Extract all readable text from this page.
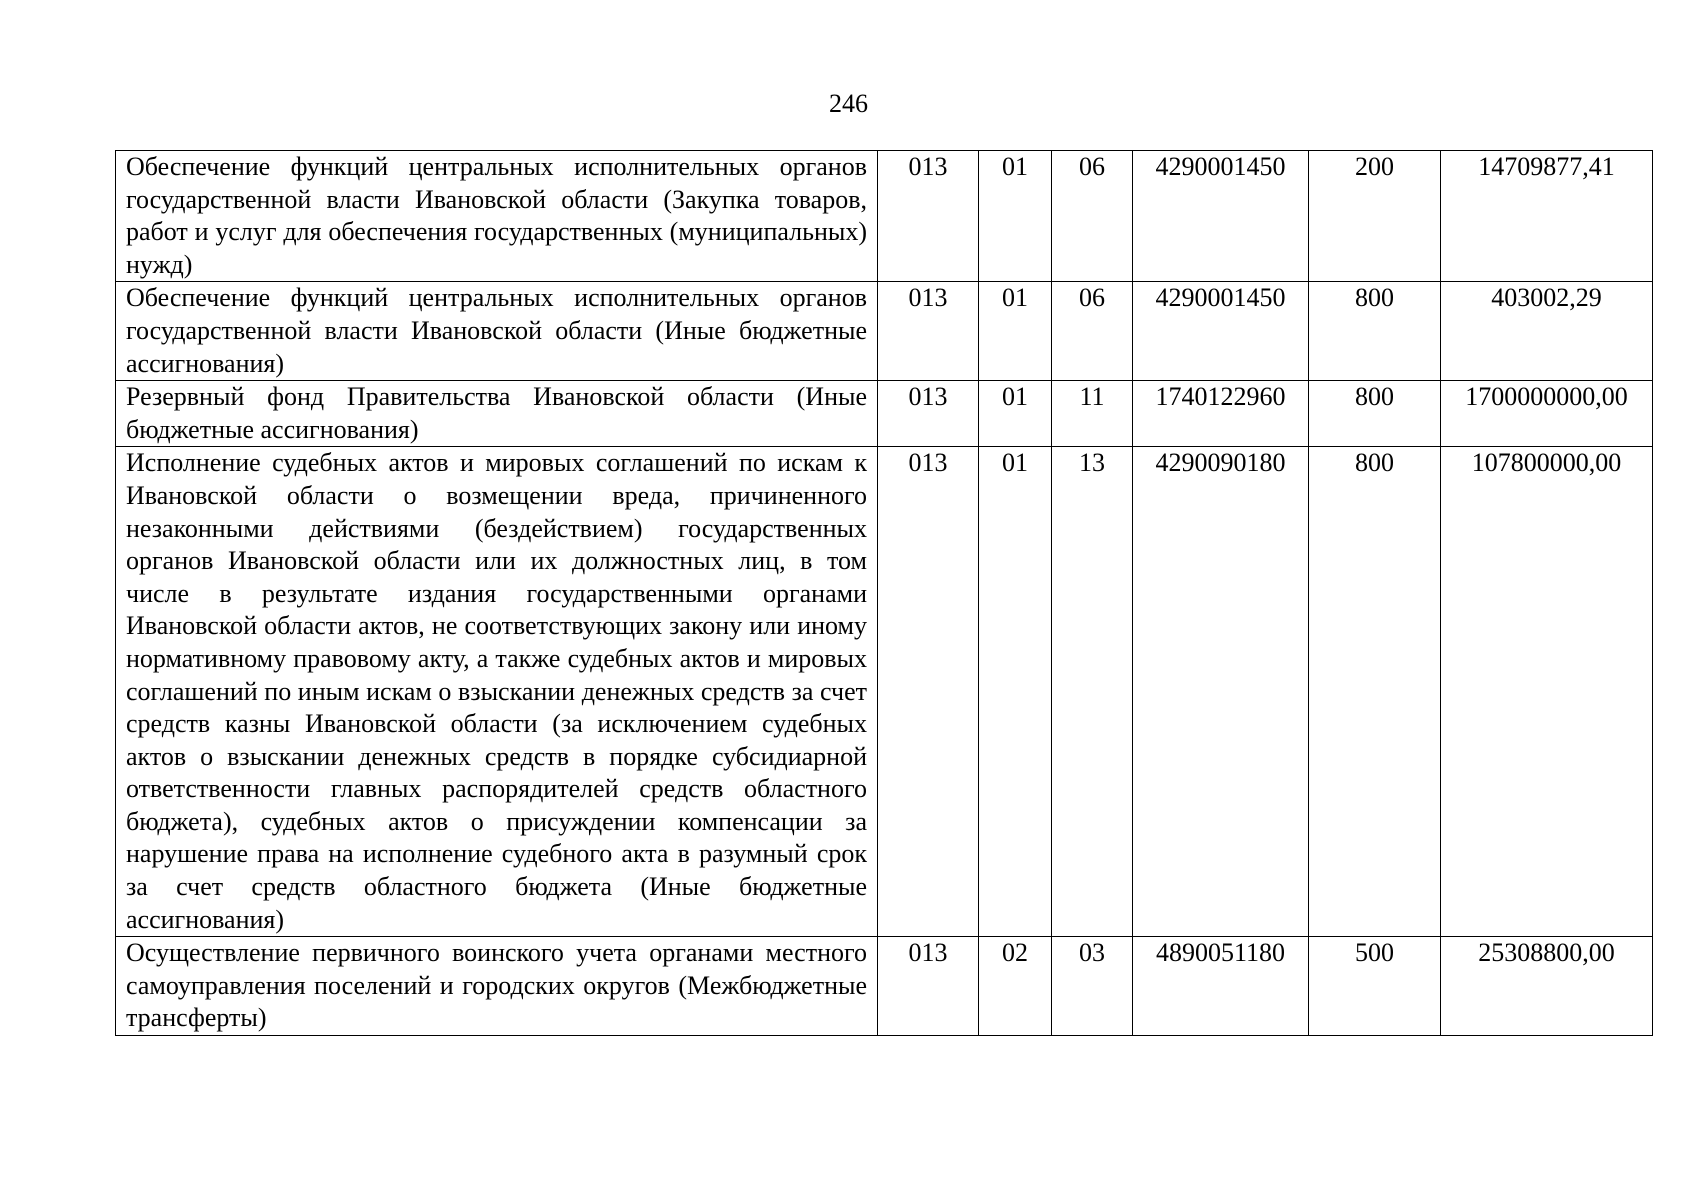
246
Обеспечение функций центральных исполнительных органов государственной власти Ивановской области (Закупка товаров, работ и услуг для обеспечения государственных (муниципальных) нужд)	013	01	06	4290001450	200	14709877,41
Обеспечение функций центральных исполнительных органов государственной власти Ивановской области (Иные бюджетные ассигнования)	013	01	06	4290001450	800	403002,29
Резервный фонд Правительства Ивановской области (Иные бюджетные ассигнования)	013	01	11	1740122960	800	1700000000,00
Исполнение судебных актов и мировых соглашений по искам к Ивановской области о возмещении вреда, причиненного незаконными действиями (бездействием) государственных органов Ивановской области или их должностных лиц, в том числе в результате издания государственными органами Ивановской области актов, не соответствующих закону или иному нормативному правовому акту, а также судебных актов и мировых соглашений по иным искам о взыскании денежных средств за счет средств казны Ивановской области (за исключением судебных актов о взыскании денежных средств в порядке субсидиарной ответственности главных распорядителей средств областного бюджета), судебных актов о присуждении компенсации за нарушение права на исполнение судебного акта в разумный срок за счет средств областного бюджета (Иные бюджетные ассигнования)	013	01	13	4290090180	800	107800000,00
Осуществление первичного воинского учета органами местного самоуправления поселений и городских округов (Межбюджетные трансферты)	013	02	03	4890051180	500	25308800,00
